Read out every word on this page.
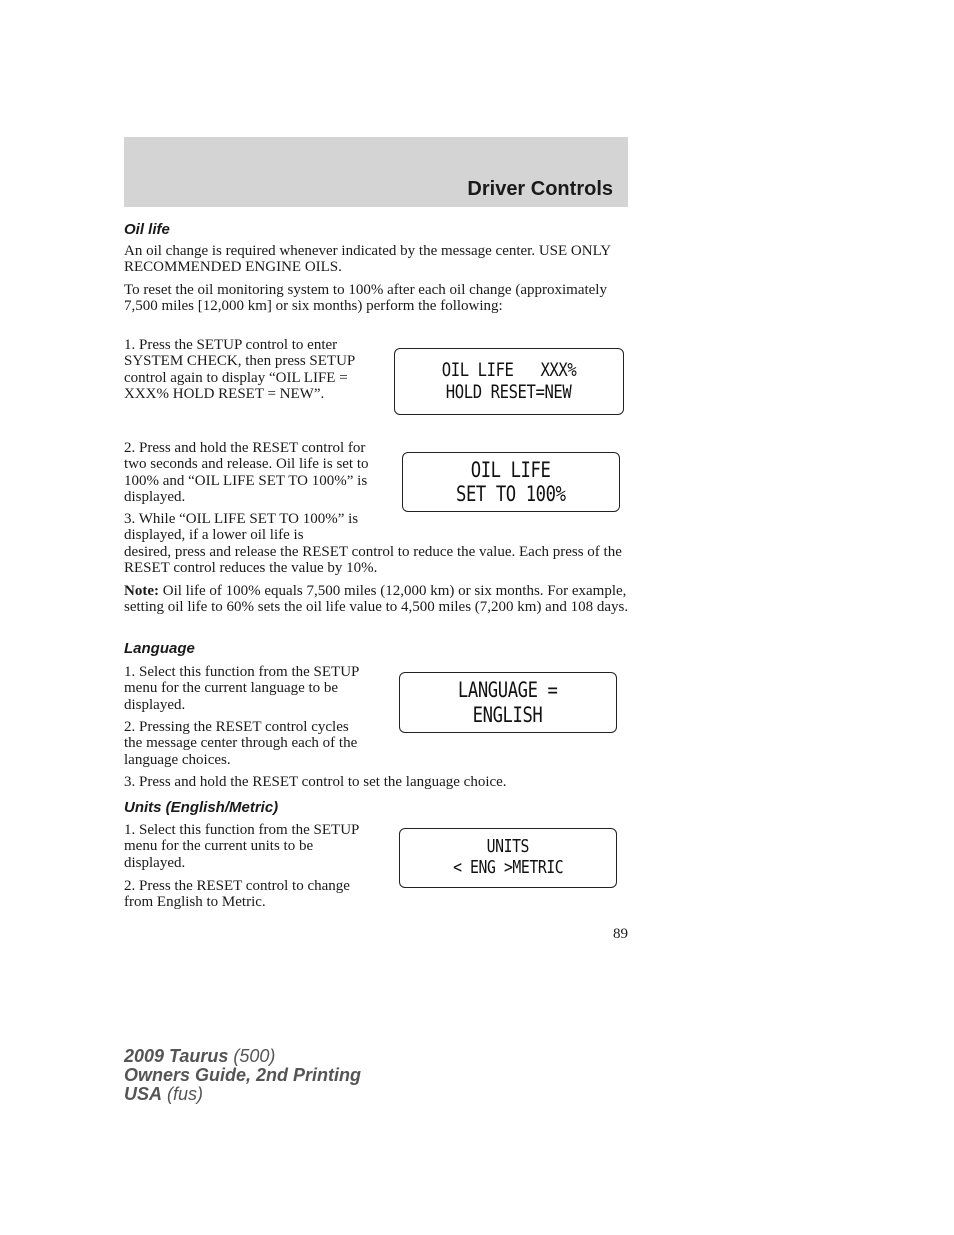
Driver Controls
Oil life
An oil change is required whenever indicated by the message center. USE ONLY RECOMMENDED ENGINE OILS.
To reset the oil monitoring system to 100% after each oil change (approximately 7,500 miles [12,000 km] or six months) perform the following:
1. Press the SETUP control to enter SYSTEM CHECK, then press SETUP control again to display “OIL LIFE = XXX% HOLD RESET = NEW”.
OIL LIFE   XXX%
HOLD RESET=NEW
2. Press and hold the RESET control for two seconds and release. Oil life is set to 100% and “OIL LIFE SET TO 100%” is displayed.
OIL LIFE
SET TO 100%
3. While “OIL LIFE SET TO 100%” is displayed, if a lower oil life is
desired, press and release the RESET control to reduce the value. Each press of the RESET control reduces the value by 10%.
Note: Oil life of 100% equals 7,500 miles (12,000 km) or six months. For example, setting oil life to 60% sets the oil life value to 4,500 miles (7,200 km) and 108 days.
Language
1. Select this function from the SETUP menu for the current language to be displayed.
2. Pressing the RESET control cycles the message center through each of the language choices.
LANGUAGE =
ENGLISH
3. Press and hold the RESET control to set the language choice.
Units (English/Metric)
1. Select this function from the SETUP menu for the current units to be displayed.
2. Press the RESET control to change from English to Metric.
UNITS
< ENG >METRIC
89
2009 Taurus (500)
Owners Guide, 2nd Printing
USA (fus)
